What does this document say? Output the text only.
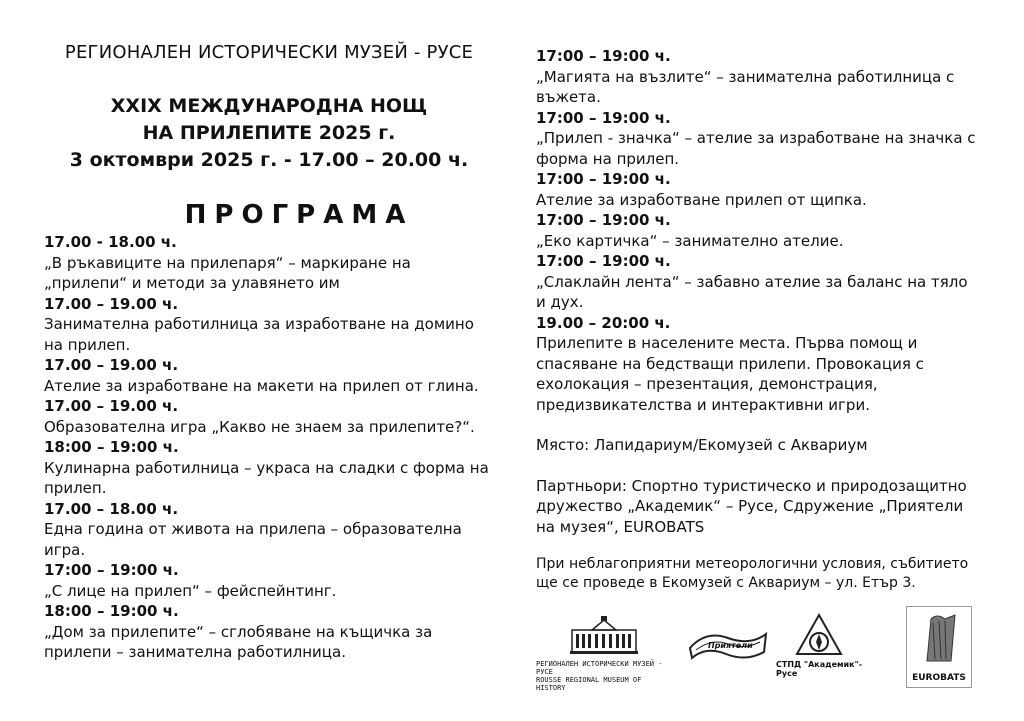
РЕГИОНАЛЕН ИСТОРИЧЕСКИ МУЗЕЙ - РУСЕ
XXIX МЕЖДУНАРОДНА НОЩ
НА ПРИЛЕПИТЕ 2025 г.
3 октомври 2025 г. - 17.00 – 20.00 ч.
ПРОГРАМА
17.00 - 18.00 ч.
„В ръкавиците на прилепаря“ – маркиране на „прилепи“ и методи за улавянето им
17.00 – 19.00 ч.
Занимателна работилница за изработване на домино на прилеп.
17.00 – 19.00 ч.
Ателие за изработване на макети на прилеп от глина.
17.00 – 19.00 ч.
Образователна игра „Какво не знаем за прилепите?“.
18:00 – 19:00 ч.
Кулинарна работилница – украса на сладки с форма на прилеп.
17.00 – 18.00 ч.
Една година от живота на прилепа – образователна игра.
17:00 – 19:00 ч.
„С лице на прилеп“ – фейспейнтинг.
18:00 – 19:00 ч.
„Дом за прилепите“ – сглобяване на къщичка за прилепи – занимателна работилница.
17:00 – 19:00 ч.
„Магията на възлите“ – занимателна работилница с въжета.
17:00 – 19:00 ч.
„Прилеп - значка“ – ателие за изработване на значка с форма на прилеп.
17:00 – 19:00 ч.
Ателие за изработване прилеп от щипка.
17:00 – 19:00 ч.
„Еко картичка“ – занимателно ателие.
17:00 – 19:00 ч.
„Слаклайн лента“ – забавно ателие за баланс на тяло и дух.
19.00 – 20:00 ч.
Прилепите в населените места. Първа помощ и спасяване на бедстващи прилепи. Провокация с ехолокация – презентация, демонстрация, предизвикателства и интерактивни игри.
Място: Лапидариум/Екомузей с Аквариум
Партньори: Спортно туристическо и природозащитно дружество „Академик“ – Русе, Сдружение „Приятели на музея“, EUROBATS
При неблагоприятни метеорологични условия, събитието ще се проведе в Екомузей с Аквариум – ул. Етър 3.
РЕГИОНАЛЕН ИСТОРИЧЕСКИ МУЗЕЙ - РУСЕ
ROUSSE REGIONAL MUSEUM OF HISTORY
Приятели
СТПД "Академик"- Русе	EUROBATS
